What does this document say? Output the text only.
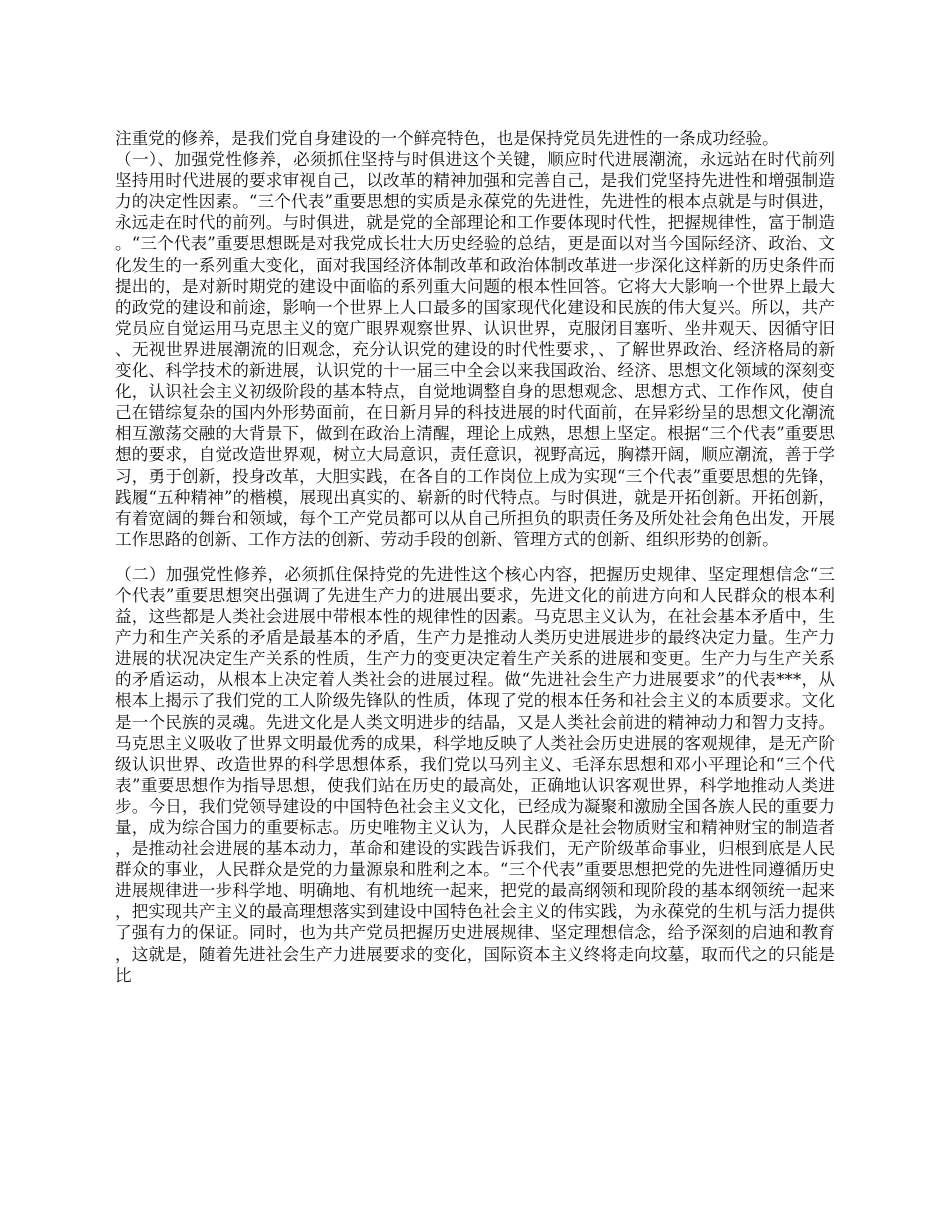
注重党的修养，是我们党自身建设的一个鲜亮特色，也是保持党员先进性的一条成功经验。

（一）、加强党性修养，必须抓住坚持与时俱进这个关键，顺应时代进展潮流，永远站在时代前列坚持用时代进展的要求审视自己，以改革的精神加强和完善自己，是我们党坚持先进性和增强制造力的决定性因素。“三个代表”重要思想的实质是永葆党的先进性，先进性的根本点就是与时俱进，永远走在时代的前列。与时俱进，就是党的全部理论和工作要体现时代性，把握规律性，富于制造。“三个代表”重要思想既是对我党成长壮大历史经验的总结，更是面以对当今国际经济、政治、文化发生的一系列重大变化，面对我国经济体制改革和政治体制改革进一步深化这样新的历史条件而提出的，是对新时期党的建设中面临的系列重大问题的根本性回答。它将大大影响一个世界上最大的政党的建设和前途，影响一个世界上人口最多的国家现代化建设和民族的伟大复兴。所以，共产党员应自觉运用马克思主义的宽广眼界观察世界、认识世界，克服闭目塞听、坐井观天、因循守旧、无视世界进展潮流的旧观念，充分认识党的建设的时代性要求，、了解世界政治、经济格局的新变化、科学技术的新进展，认识党的十一届三中全会以来我国政治、经济、思想文化领域的深刻变化，认识社会主义初级阶段的基本特点，自觉地调整自身的思想观念、思想方式、工作作风，使自己在错综复杂的国内外形势面前，在日新月异的科技进展的时代面前，在异彩纷呈的思想文化潮流相互激荡交融的大背景下，做到在政治上清醒，理论上成熟，思想上坚定。根据“三个代表”重要思想的要求，自觉改造世界观，树立大局意识，责任意识，视野高远，胸襟开阔，顺应潮流，善于学习，勇于创新，投身改革，大胆实践，在各自的工作岗位上成为实现“三个代表”重要思想的先锋，践履“五种精神”的楷模，展现出真实的、崭新的时代特点。与时俱进，就是开拓创新。开拓创新，有着宽阔的舞台和领域，每个工产党员都可以从自己所担负的职责任务及所处社会角色出发，开展工作思路的创新、工作方法的创新、劳动手段的创新、管理方式的创新、组织形势的创新。

（二）加强党性修养，必须抓住保持党的先进性这个核心内容，把握历史规律、坚定理想信念“三个代表”重要思想突出强调了先进生产力的进展出要求，先进文化的前进方向和人民群众的根本利益，这些都是人类社会进展中带根本性的规律性的因素。马克思主义认为，在社会基本矛盾中，生产力和生产关系的矛盾是最基本的矛盾，生产力是推动人类历史进展进步的最终决定力量。生产力进展的状况决定生产关系的性质，生产力的变更决定着生产关系的进展和变更。生产力与生产关系的矛盾运动，从根本上决定着人类社会的进展过程。做“先进社会生产力进展要求”的代表***，从根本上揭示了我们党的工人阶级先锋队的性质，体现了党的根本任务和社会主义的本质要求。文化是一个民族的灵魂。先进文化是人类文明进步的结晶，又是人类社会前进的精神动力和智力支持。马克思主义吸收了世界文明最优秀的成果，科学地反映了人类社会历史进展的客观规律，是无产阶级认识世界、改造世界的科学思想体系，我们党以马列主义、毛泽东思想和邓小平理论和“三个代表”重要思想作为指导思想，使我们站在历史的最高处，正确地认识客观世界，科学地推动人类进步。今日，我们党领导建设的中国特色社会主义文化，已经成为凝聚和激励全国各族人民的重要力量，成为综合国力的重要标志。历史唯物主义认为，人民群众是社会物质财宝和精神财宝的制造者，是推动社会进展的基本动力，革命和建设的实践告诉我们，无产阶级革命事业，归根到底是人民群众的事业，人民群众是党的力量源泉和胜利之本。“三个代表”重要思想把党的先进性同遵循历史进展规律进一步科学地、明确地、有机地统一起来，把党的最高纲领和现阶段的基本纲领统一起来，把实现共产主义的最高理想落实到建设中国特色社会主义的伟实践，为永葆党的生机与活力提供了强有力的保证。同时，也为共产党员把握历史进展规律、坚定理想信念，给予深刻的启迪和教育，这就是，随着先进社会生产力进展要求的变化，国际资本主义终将走向坟墓，取而代之的只能是比
